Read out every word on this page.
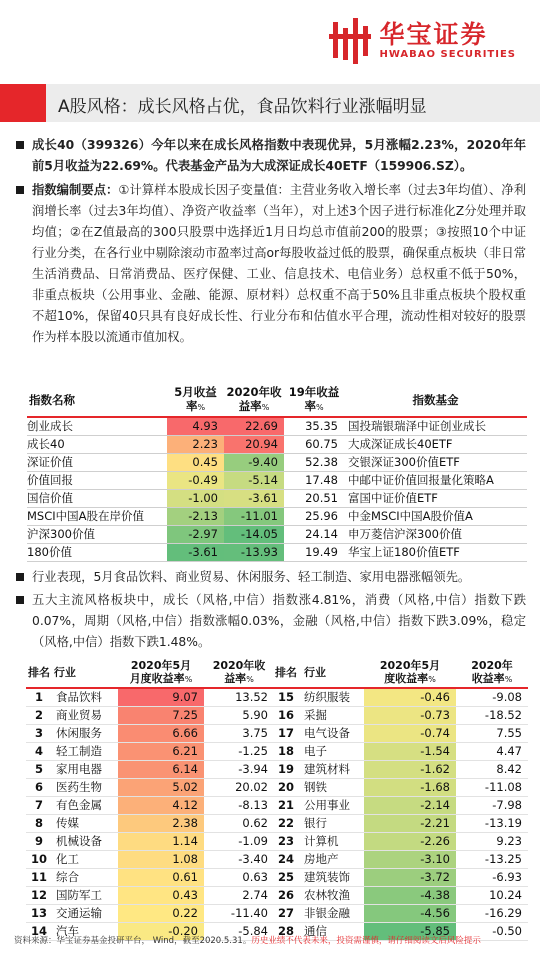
华宝证券
HWABAO SECURITIES
A股风格：成长风格占优，食品饮料行业涨幅明显
成长40（399326）今年以来在成长风格指数中表现优异，5月涨幅2.23%，2020年年前5月收益为22.69%。代表基金产品为大成深证成长40ETF（159906.SZ）。
指数编制要点：①计算样本股成长因子变量值：主营业务收入增长率（过去3年均值）、净利润增长率（过去3年均值）、净资产收益率（当年），对上述3个因子进行标准化Z分处理并取均值；②在Z值最高的300只股票中选择近1月日均总市值前200的股票；③按照10个中证行业分类，在各行业中剔除滚动市盈率过高or每股收益过低的股票，确保重点板块（非日常生活消费品、日常消费品、医疗保健、工业、信息技术、电信业务）总权重不低于50%，非重点板块（公用事业、金融、能源、原材料）总权重不高于50%且非重点板块个股权重不超10%，保留40只具有良好成长性、行业分布和估值水平合理，流动性相对较好的股票作为样本股以流通市值加权。
指数名称	5月收益
率%	2020年收
益率%	19年收益
率%	指数基金
创业成长	4.93	22.69	35.35	国投瑞银瑞泽中证创业成长
成长40	2.23	20.94	60.75	大成深证成长40ETF
深证价值	0.45	-9.40	52.38	交银深证300价值ETF
价值回报	-0.49	-5.14	17.48	中邮中证价值回报量化策略A
国信价值	-1.00	-3.61	20.51	富国中证价值ETF
MSCI中国A股在岸价值	-2.13	-11.01	25.96	中金MSCI中国A股价值A
沪深300价值	-2.97	-14.05	24.14	申万菱信沪深300价值
180价值	-3.61	-13.93	19.49	华宝上证180价值ETF
行业表现，5月食品饮料、商业贸易、休闲服务、轻工制造、家用电器涨幅领先。
五大主流风格板块中，成长（风格,中信）指数涨4.81%，消费（风格,中信）指数下跌0.07%，周期（风格,中信）指数涨幅0.03%，金融（风格,中信）指数下跌3.09%，稳定（风格,中信）指数下跌1.48%。
排名 行业		2020年5月
月度收益率%	2020年收
益率%
1	食品饮料	9.07	13.52
2	商业贸易	7.25	5.90
3	休闲服务	6.66	3.75
4	轻工制造	6.21	-1.25
5	家用电器	6.14	-3.94
6	医药生物	5.02	20.02
7	有色金属	4.12	-8.13
8	传媒	2.38	0.62
9	机械设备	1.14	-1.09
10	化工	1.08	-3.40
11	综合	0.61	0.63
12	国防军工	0.43	2.74
13	交通运输	0.22	-11.40
14	汽车	-0.20	-5.84
排名	行业	2020年5月
度收益率%	2020年
收益率%
15	纺织服装	-0.46	-9.08
16	采掘	-0.73	-18.52
17	电气设备	-0.74	7.55
18	电子	-1.54	4.47
19	建筑材料	-1.62	8.42
20	钢铁	-1.68	-11.08
21	公用事业	-2.14	-7.98
22	银行	-2.21	-13.19
23	计算机	-2.26	9.23
24	房地产	-3.10	-13.25
25	建筑装饰	-3.72	-6.93
26	农林牧渔	-4.38	10.24
27	非银金融	-4.56	-16.29
28	通信	-5.85	-0.50
资料来源：华宝证券基金投研平台， Wind，截至2020.5.31。历史业绩不代表未来，投资需谨慎，请仔细阅读文后风险提示
